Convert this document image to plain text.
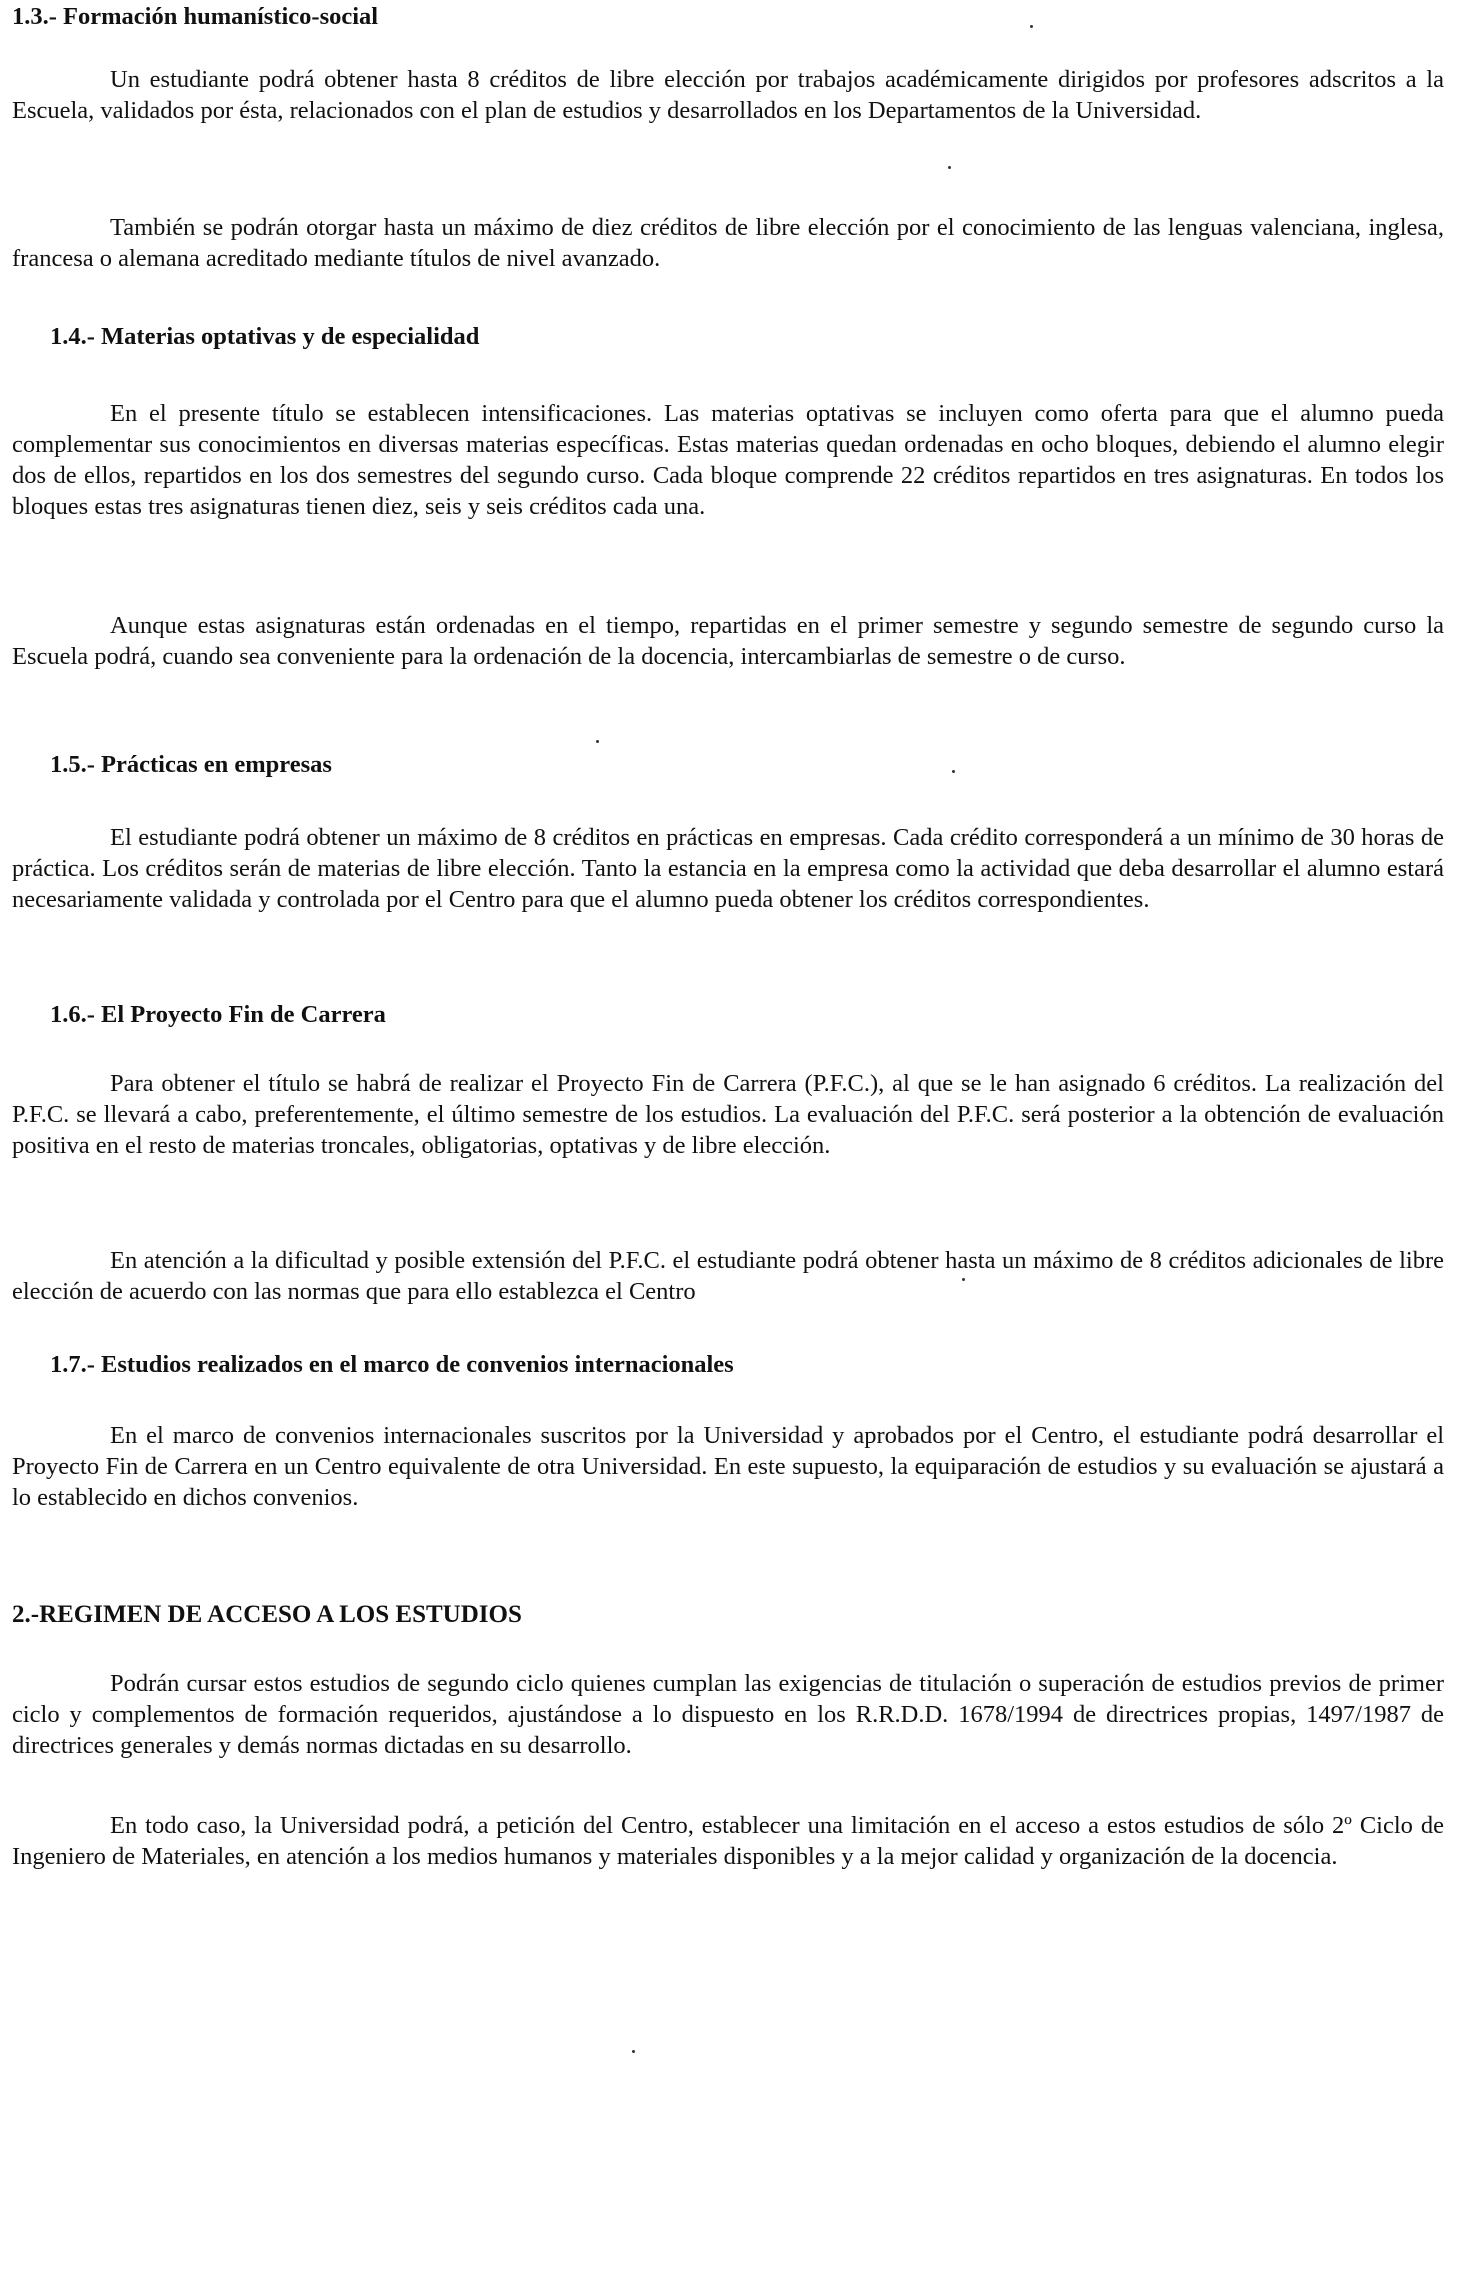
1.3.- Formación humanístico-social

Un estudiante podrá obtener hasta 8 créditos de libre elección por trabajos académicamente dirigidos por profesores adscritos a la Escuela, validados por ésta, relacionados con el plan de estudios y desarrollados en los Departamentos de la Universidad.

También se podrán otorgar hasta un máximo de diez créditos de libre elección por el conocimiento de las lenguas valenciana, inglesa, francesa o alemana acreditado mediante títulos de nivel avanzado.

1.4.- Materias optativas y de especialidad

En el presente título se establecen intensificaciones. Las materias optativas se incluyen como oferta para que el alumno pueda complementar sus conocimientos en diversas materias específicas. Estas materias quedan ordenadas en ocho bloques, debiendo el alumno elegir dos de ellos, repartidos en los dos semestres del segundo curso. Cada bloque comprende 22 créditos repartidos en tres asignaturas. En todos los bloques estas tres asignaturas tienen diez, seis y seis créditos cada una.

Aunque estas asignaturas están ordenadas en el tiempo, repartidas en el primer semestre y segundo semestre de segundo curso la Escuela podrá, cuando sea conveniente para la ordenación de la docencia, intercambiarlas de semestre o de curso.

1.5.- Prácticas en empresas

El estudiante podrá obtener un máximo de 8 créditos en prácticas en empresas. Cada crédito corresponderá a un mínimo de 30 horas de práctica. Los créditos serán de materias de libre elección. Tanto la estancia en la empresa como la actividad que deba desarrollar el alumno estará necesariamente validada y controlada por el Centro para que el alumno pueda obtener los créditos correspondientes.

1.6.- El Proyecto Fin de Carrera

Para obtener el título se habrá de realizar el Proyecto Fin de Carrera (P.F.C.), al que se le han asignado 6 créditos. La realización del P.F.C. se llevará a cabo, preferentemente, el último semestre de los estudios. La evaluación del P.F.C. será posterior a la obtención de evaluación positiva en el resto de materias troncales, obligatorias, optativas y de libre elección.

En atención a la dificultad y posible extensión del P.F.C. el estudiante podrá obtener hasta un máximo de 8 créditos adicionales de libre elección de acuerdo con las normas que para ello establezca el Centro

1.7.- Estudios realizados en el marco de convenios internacionales

En el marco de convenios internacionales suscritos por la Universidad y aprobados por el Centro, el estudiante podrá desarrollar el Proyecto Fin de Carrera en un Centro equivalente de otra Universidad. En este supuesto, la equiparación de estudios y su evaluación se ajustará a lo establecido en dichos convenios.

2.-REGIMEN DE ACCESO A LOS ESTUDIOS

Podrán cursar estos estudios de segundo ciclo quienes cumplan las exigencias de titulación o superación de estudios previos de primer ciclo y complementos de formación requeridos, ajustándose a lo dispuesto en los R.R.D.D. 1678/1994 de directrices propias, 1497/1987 de directrices generales y demás normas dictadas en su desarrollo.

En todo caso, la Universidad podrá, a petición del Centro, establecer una limitación en el acceso a estos estudios de sólo 2º Ciclo de Ingeniero de Materiales, en atención a los medios humanos y materiales disponibles y a la mejor calidad y organización de la docencia.
